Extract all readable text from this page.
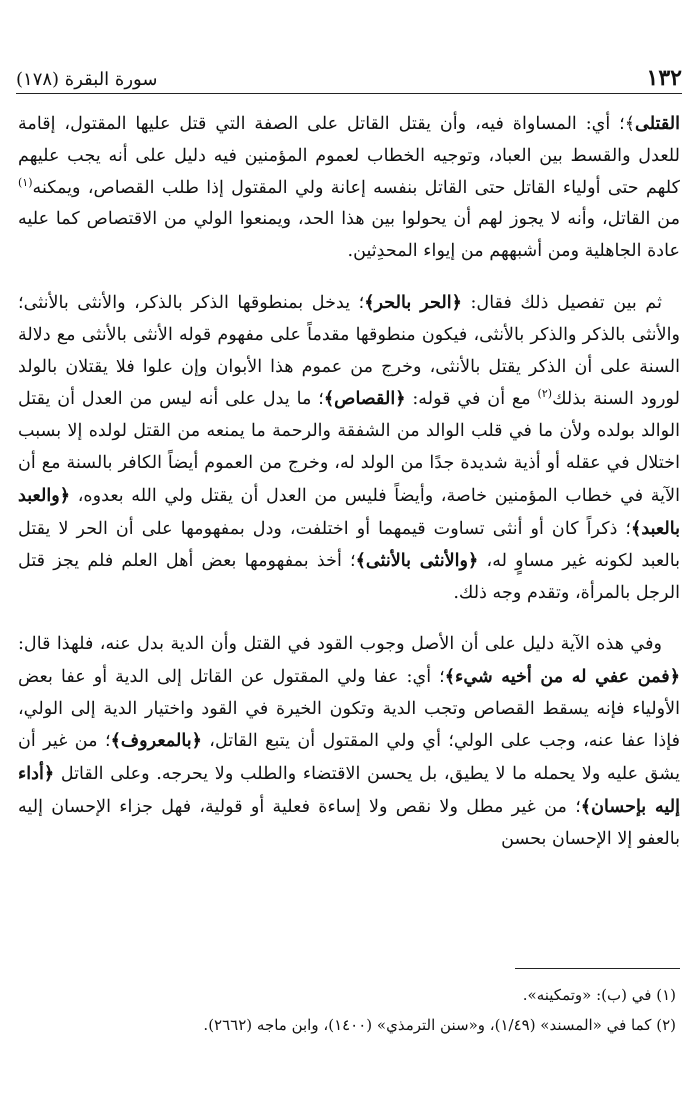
١٣٢
سورة البقرة (١٧٨)

القتلى﴾؛ أي: المساواة فيه، وأن يقتل القاتل على الصفة التي قتل عليها المقتول، إقامة للعدل والقسط بين العباد، وتوجيه الخطاب لعموم المؤمنين فيه دليل على أنه يجب عليهم كلهم حتى أولياء القاتل حتى القاتل بنفسه إعانة ولي المقتول إذا طلب القصاص، ويمكنه$^{(١)}$ من القاتل، وأنه لا يجوز لهم أن يحولوا بين هذا الحد، ويمنعوا الولي من الاقتصاص كما عليه عادة الجاهلية ومن أشبههم من إيواء المحدِثين.

ثم بين تفصيل ذلك فقال: ﴿الحر بالحر﴾؛ يدخل بمنطوقها الذكر بالذكر، والأنثى بالأنثى؛ والأنثى بالذكر والذكر بالأنثى، فيكون منطوقها مقدماً على مفهوم قوله الأنثى بالأنثى مع دلالة السنة على أن الذكر يقتل بالأنثى، وخرج من عموم هذا الأبوان وإن علوا فلا يقتلان بالولد لورود السنة بذلك$^{(٢)}$ مع أن في قوله: ﴿القصاص﴾؛ ما يدل على أنه ليس من العدل أن يقتل الوالد بولده ولأن ما في قلب الوالد من الشفقة والرحمة ما يمنعه من القتل لولده إلا بسبب اختلال في عقله أو أذية شديدة جدًا من الولد له، وخرج من العموم أيضاً الكافر بالسنة مع أن الآية في خطاب المؤمنين خاصة، وأيضاً فليس من العدل أن يقتل ولي الله بعدوه، ﴿والعبد بالعبد﴾؛ ذكراً كان أو أنثى تساوت قيمهما أو اختلفت، ودل بمفهومها على أن الحر لا يقتل بالعبد لكونه غير مساوٍ له، ﴿والأنثى بالأنثى﴾؛ أخذ بمفهومها بعض أهل العلم فلم يجز قتل الرجل بالمرأة، وتقدم وجه ذلك.

وفي هذه الآية دليل على أن الأصل وجوب القود في القتل وأن الدية بدل عنه، فلهذا قال: ﴿فمن عفي له من أخيه شيء﴾؛ أي: عفا ولي المقتول عن القاتل إلى الدية أو عفا بعض الأولياء فإنه يسقط القصاص وتجب الدية وتكون الخيرة في القود واختيار الدية إلى الولي، فإذا عفا عنه، وجب على الولي؛ أي ولي المقتول أن يتبع القاتل، ﴿بالمعروف﴾؛ من غير أن يشق عليه ولا يحمله ما لا يطيق، بل يحسن الاقتضاء والطلب ولا يحرجه. وعلى القاتل ﴿أداء إليه بإحسان﴾؛ من غير مطل ولا نقص ولا إساءة فعلية أو قولية، فهل جزاء الإحسان إليه بالعفو إلا الإحسان بحسن

(١) في (ب): «وتمكينه».

(٢) كما في «المسند» (١/٤٩)، و«سنن الترمذي» (١٤٠٠)، وابن ماجه (٢٦٦٢).
